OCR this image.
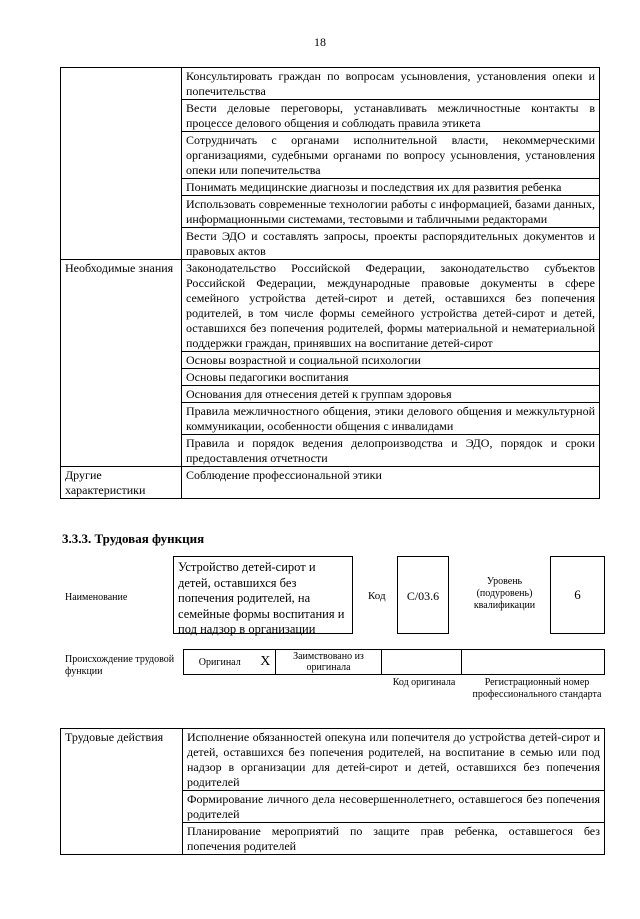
18
	Консультировать граждан по вопросам усыновления, установления опеки и попечительства
	Вести деловые переговоры, устанавливать межличностные контакты в процессе делового общения и соблюдать правила этикета
	Сотрудничать с органами исполнительной власти, некоммерческими организациями, судебными органами по вопросу усыновления, установления опеки или попечительства
	Понимать медицинские диагнозы и последствия их для развития ребенка
	Использовать современные технологии работы с информацией, базами данных, информационными системами, тестовыми и табличными редакторами
	Вести ЭДО и составлять запросы, проекты распорядительных документов и правовых актов
Необходимые знания	Законодательство Российской Федерации, законодательство субъектов Российской Федерации, международные правовые документы в сфере семейного устройства детей-сирот и детей, оставшихся без попечения родителей, в том числе формы семейного устройства детей-сирот и детей, оставшихся без попечения родителей, формы материальной и нематериальной поддержки граждан, принявших на воспитание детей-сирот
	Основы возрастной и социальной психологии
	Основы педагогики воспитания
	Основания для отнесения детей к группам здоровья
	Правила межличностного общения, этики делового общения и межкультурной коммуникации, особенности общения с инвалидами
	Правила и порядок ведения делопроизводства и ЭДО, порядок и сроки предоставления отчетности
Другие характеристики	Соблюдение профессиональной этики
3.3.3. Трудовая функция
Наименование
Устройство детей-сирот и детей, оставшихся без попечения родителей, на семейные формы воспитания и под надзор в организации
Код	C/03.6
Уровень (подуровень) квалификации
6
Происхождение трудовой функции
Оригинал	X	Заимствовано из оригинала		
Код оригинала	Регистрационный номер профессионального стандарта
Трудовые действия	Исполнение обязанностей опекуна или попечителя до устройства детей-сирот и детей, оставшихся без попечения родителей, на воспитание в семью или под надзор в организации для детей-сирот и детей, оставшихся без попечения родителей
Формирование личного дела несовершеннолетнего, оставшегося без попечения родителей
Планирование мероприятий по защите прав ребенка, оставшегося без попечения родителей
